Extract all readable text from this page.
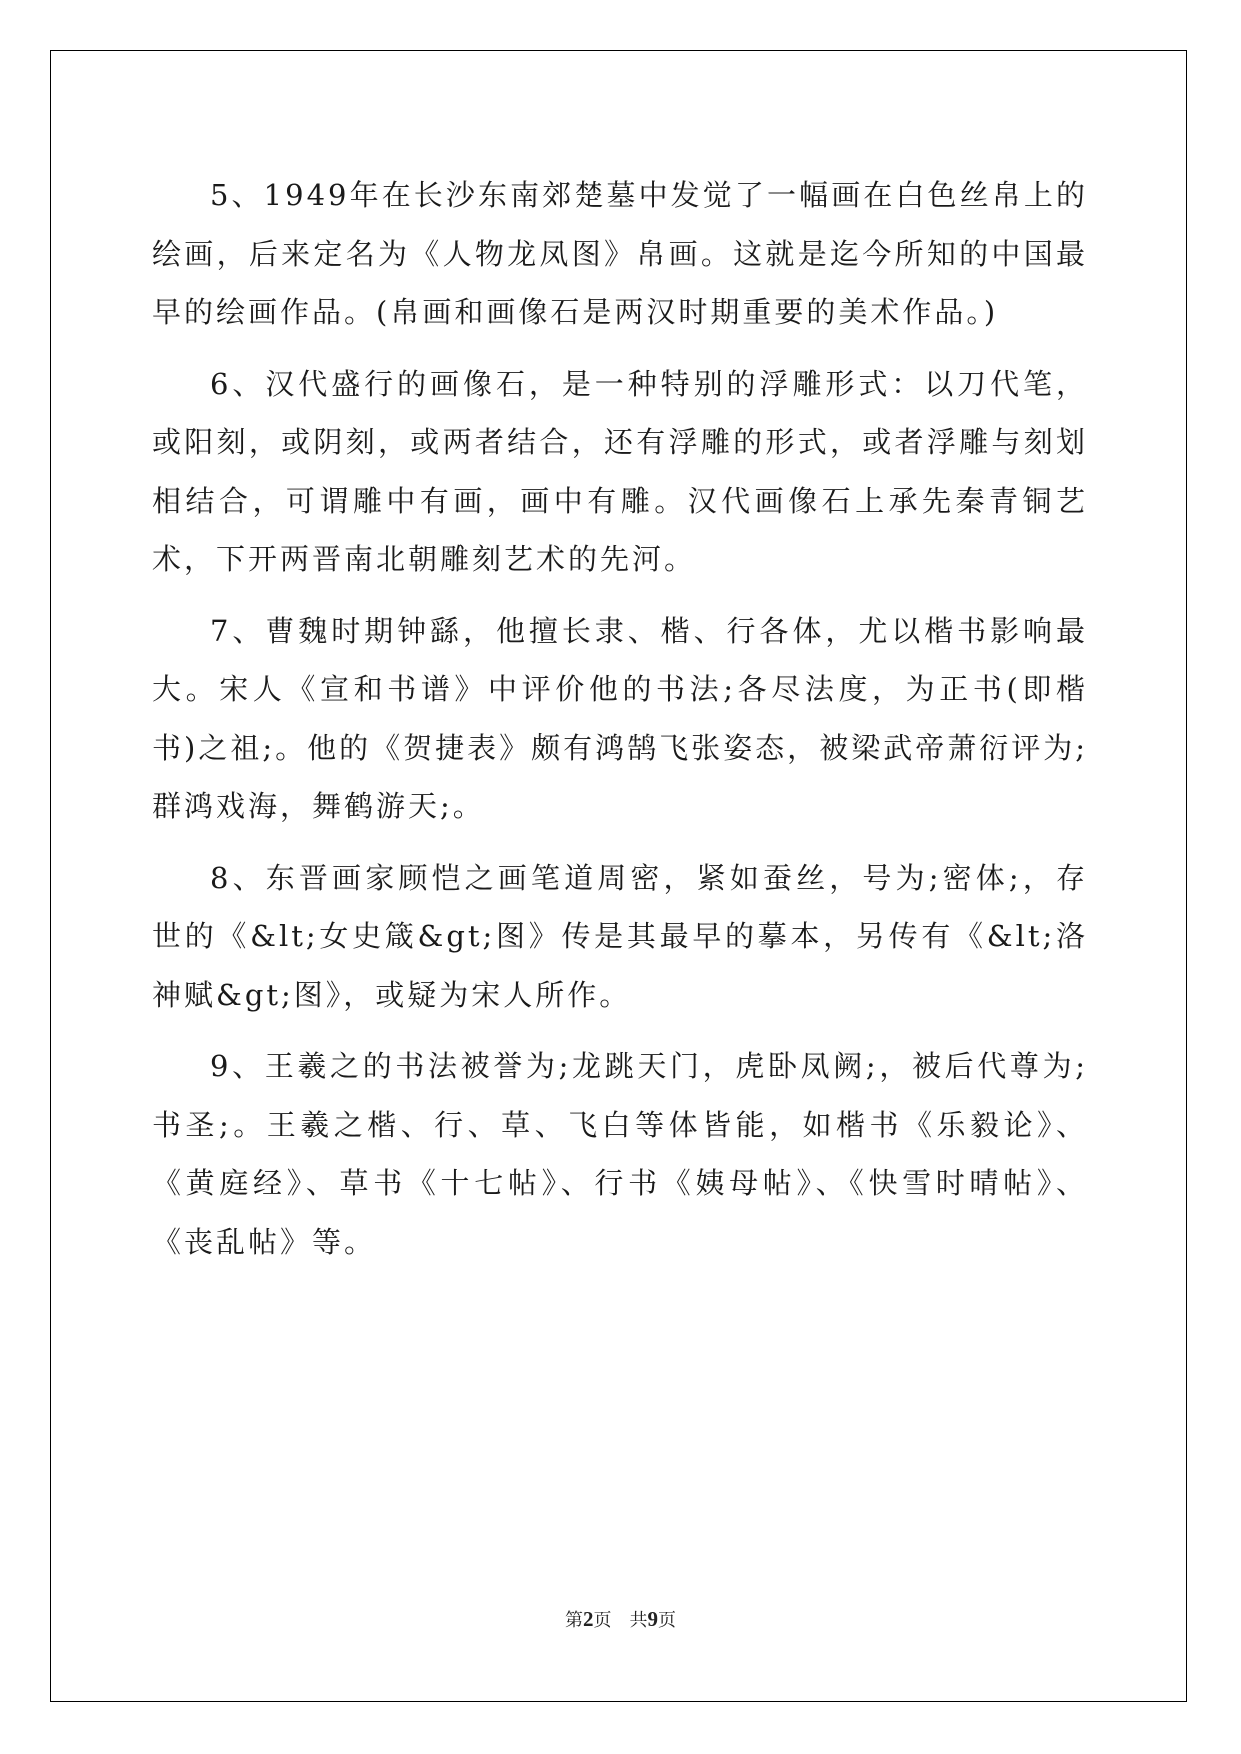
5、1949年在长沙东南郊楚墓中发觉了一幅画在白色丝帛上的绘画，后来定名为《人物龙凤图》帛画。这就是迄今所知的中国最早的绘画作品。(帛画和画像石是两汉时期重要的美术作品。)

6、汉代盛行的画像石，是一种特别的浮雕形式：以刀代笔，或阳刻，或阴刻，或两者结合，还有浮雕的形式，或者浮雕与刻划相结合，可谓雕中有画，画中有雕。汉代画像石上承先秦青铜艺术，下开两晋南北朝雕刻艺术的先河。

7、曹魏时期钟繇，他擅长隶、楷、行各体，尤以楷书影响最大。宋人《宣和书谱》中评价他的书法;各尽法度，为正书(即楷书)之祖;。他的《贺捷表》颇有鸿鹄飞张姿态，被梁武帝萧衍评为;群鸿戏海，舞鹤游天;。

8、东晋画家顾恺之画笔道周密，紧如蚕丝，号为;密体;，存世的《&lt;女史箴&gt;图》传是其最早的摹本，另传有《&lt;洛神赋&gt;图》，或疑为宋人所作。

9、王羲之的书法被誉为;龙跳天门，虎卧凤阙;，被后代尊为;书圣;。王羲之楷、行、草、飞白等体皆能，如楷书《乐毅论》、《黄庭经》、草书《十七帖》、行书《姨母帖》、《快雪时晴帖》、《丧乱帖》等。

第2页 共9页
